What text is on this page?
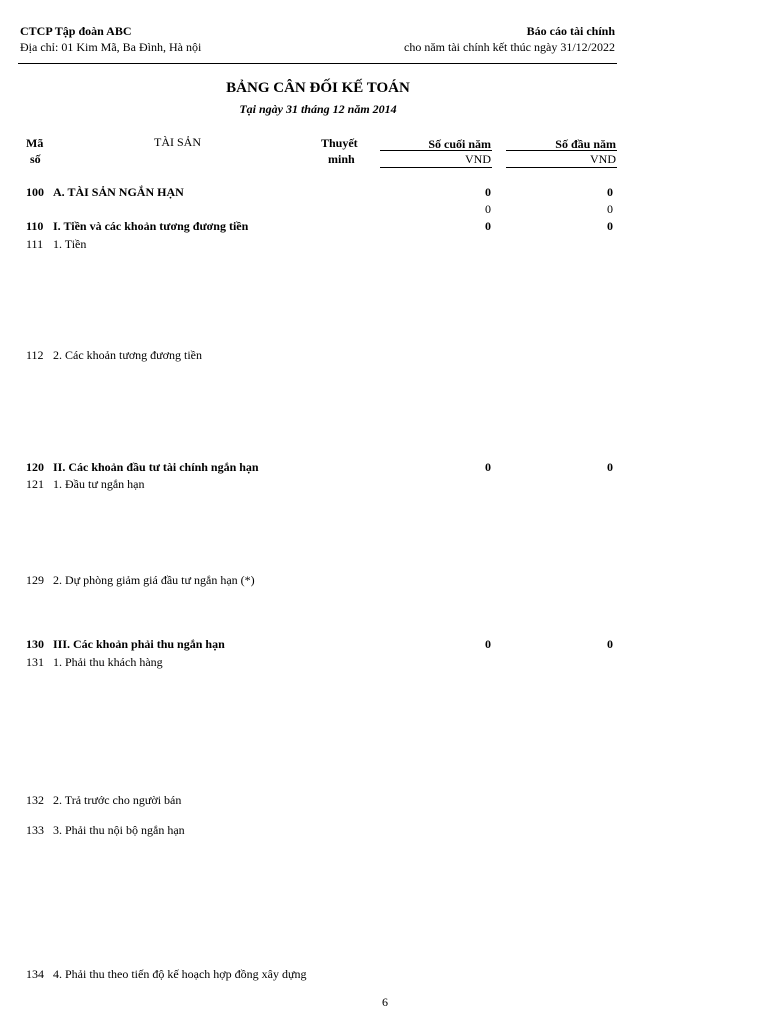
CTCP Tập đoàn ABC
Địa chỉ: 01 Kim Mã, Ba Đình, Hà nội
Báo cáo tài chính
cho năm tài chính kết thúc ngày 31/12/2022
BẢNG CÂN ĐỐI KẾ TOÁN
Tại ngày 31 tháng 12 năm 2014
Mã
số
TÀI SẢN	Thuyết
minh
Số cuối năm	Số đầu năm
VND	VND
100 A. TÀI SẢN NGẮN HẠN	0	0
0	0
110 I. Tiền và các khoản tương đương tiền	0	0
111 1. Tiền
112 2. Các khoản tương đương tiền
120 II. Các khoản đầu tư tài chính ngắn hạn	0	0
121 1. Đầu tư ngắn hạn
129 2. Dự phòng giảm giá đầu tư ngắn hạn (*)
130 III. Các khoản phải thu ngắn hạn	0	0
131 1. Phải thu khách hàng
132 2. Trả trước cho người bán
133 3. Phải thu nội bộ ngắn hạn
134 4. Phải thu theo tiến độ kế hoạch hợp đồng xây dựng
6
